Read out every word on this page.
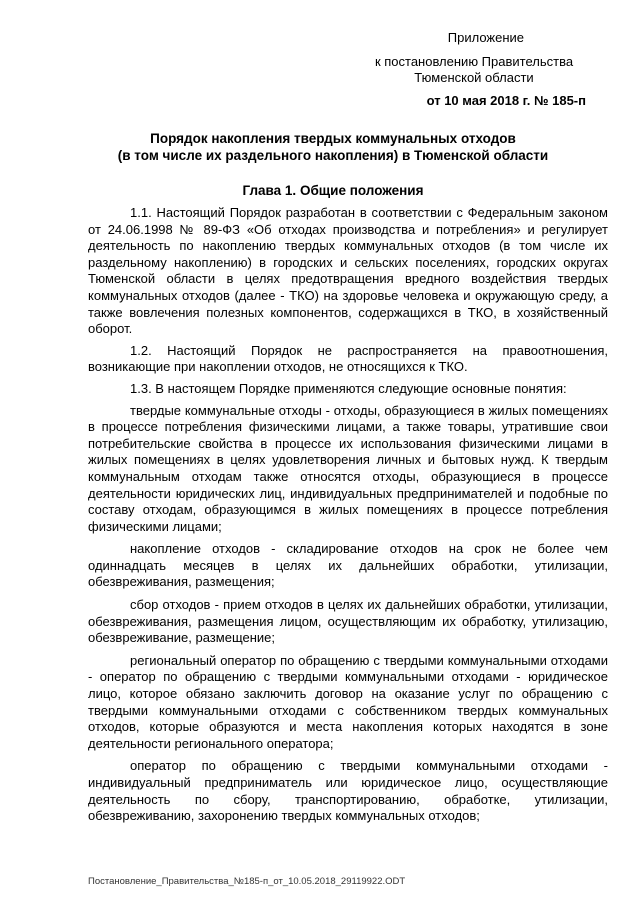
Приложение
к постановлению Правительства
Тюменской области
от 10 мая 2018 г. № 185-п
Порядок накопления твердых коммунальных отходов
(в том числе их раздельного накопления) в Тюменской области
Глава 1. Общие положения

1.1. Настоящий Порядок разработан в соответствии с Федеральным законом от 24.06.1998 № 89-ФЗ «Об отходах производства и потребления» и регулирует деятельность по накоплению твердых коммунальных отходов (в том числе их раздельному накоплению) в городских и сельских поселениях, городских округах Тюменской области в целях предотвращения вредного воздействия твердых коммунальных отходов (далее - ТКО) на здоровье человека и окружающую среду, а также вовлечения полезных компонентов, содержащихся в ТКО, в хозяйственный оборот.

1.2. Настоящий Порядок не распространяется на правоотношения, возникающие при накоплении отходов, не относящихся к ТКО.

1.3. В настоящем Порядке применяются следующие основные понятия:

твердые коммунальные отходы - отходы, образующиеся в жилых помещениях в процессе потребления физическими лицами, а также товары, утратившие свои потребительские свойства в процессе их использования физическими лицами в жилых помещениях в целях удовлетворения личных и бытовых нужд. К твердым коммунальным отходам также относятся отходы, образующиеся в процессе деятельности юридических лиц, индивидуальных предпринимателей и подобные по составу отходам, образующимся в жилых помещениях в процессе потребления физическими лицами;

накопление отходов - складирование отходов на срок не более чем одиннадцать месяцев в целях их дальнейших обработки, утилизации, обезвреживания, размещения;

сбор отходов - прием отходов в целях их дальнейших обработки, утилизации, обезвреживания, размещения лицом, осуществляющим их обработку, утилизацию, обезвреживание, размещение;

региональный оператор по обращению с твердыми коммунальными отходами - оператор по обращению с твердыми коммунальными отходами - юридическое лицо, которое обязано заключить договор на оказание услуг по обращению с твердыми коммунальными отходами с собственником твердых коммунальных отходов, которые образуются и места накопления которых находятся в зоне деятельности регионального оператора;

оператор по обращению с твердыми коммунальными отходами - индивидуальный предприниматель или юридическое лицо, осуществляющие деятельность по сбору, транспортированию, обработке, утилизации, обезвреживанию, захоронению твердых коммунальных отходов;

Постановление_Правительства_№185-п_от_10.05.2018_29119922.ODT
